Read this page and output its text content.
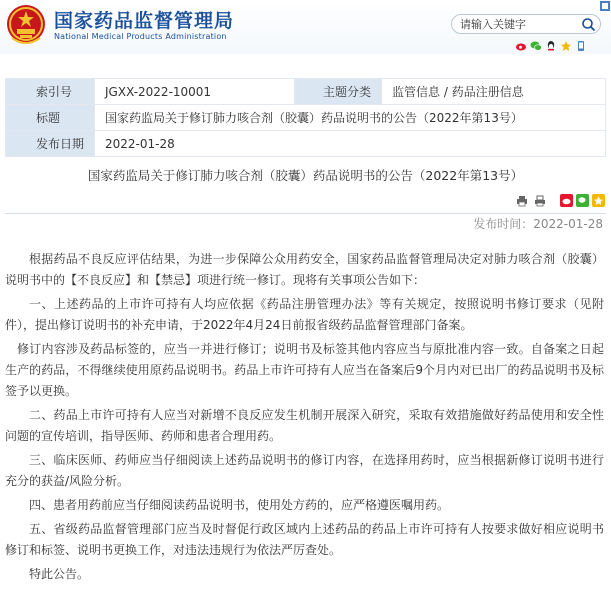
国家药品监督管理局
National Medical Products Administration
请输入关键字
索引号	JGXX-2022-10001	主题分类	监管信息 / 药品注册信息
标题	国家药监局关于修订肺力咳合剂（胶囊）药品说明书的公告（2022年第13号）		
发布日期	2022-01-28		
国家药监局关于修订肺力咳合剂（胶囊）药品说明书的公告（2022年第13号）
发布时间：2022-01-28

根据药品不良反应评估结果，为进一步保障公众用药安全，国家药品监督管理局决定对肺力咳合剂（胶囊）说明书中的【不良反应】和【禁忌】项进行统一修订。现将有关事项公告如下：

一、上述药品的上市许可持有人均应依据《药品注册管理办法》等有关规定，按照说明书修订要求（见附件），提出修订说明书的补充申请，于2022年4月24日前报省级药品监督管理部门备案。

修订内容涉及药品标签的，应当一并进行修订；说明书及标签其他内容应当与原批准内容一致。自备案之日起生产的药品，不得继续使用原药品说明书。药品上市许可持有人应当在备案后9个月内对已出厂的药品说明书及标签予以更换。

二、药品上市许可持有人应当对新增不良反应发生机制开展深入研究，采取有效措施做好药品使用和安全性问题的宣传培训，指导医师、药师和患者合理用药。

三、临床医师、药师应当仔细阅读上述药品说明书的修订内容，在选择用药时，应当根据新修订说明书进行充分的获益/风险分析。

四、患者用药前应当仔细阅读药品说明书，使用处方药的，应严格遵医嘱用药。

五、省级药品监督管理部门应当及时督促行政区域内上述药品的药品上市许可持有人按要求做好相应说明书修订和标签、说明书更换工作，对违法违规行为依法严厉查处。

特此公告。
